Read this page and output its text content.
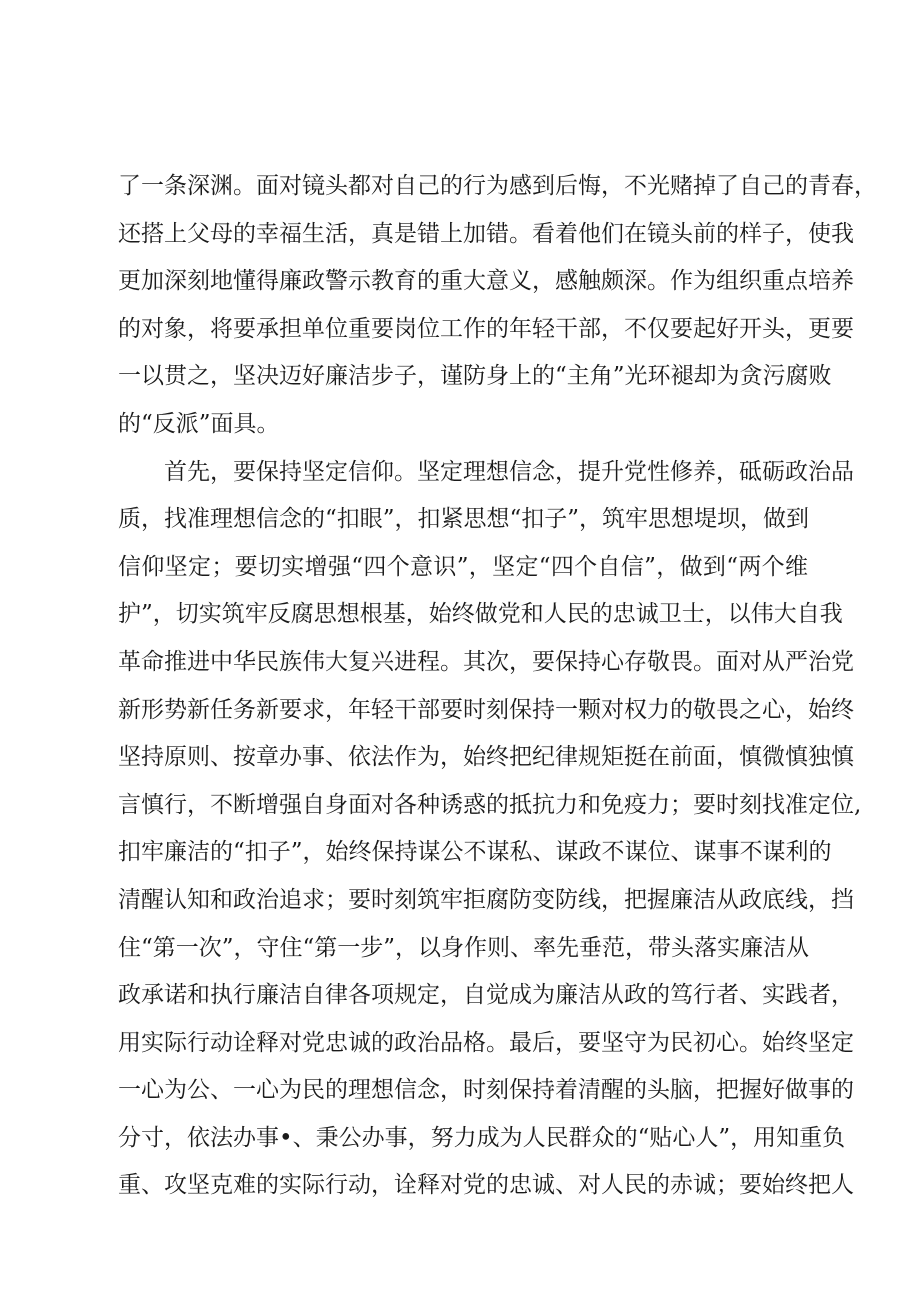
了一条深渊。面对镜头都对自己的行为感到后悔，不光赌掉了自己的青春，
还搭上父母的幸福生活，真是错上加错。看着他们在镜头前的样子，使我
更加深刻地懂得廉政警示教育的重大意义，感触颇深。作为组织重点培养
的对象，将要承担单位重要岗位工作的年轻干部，不仅要起好开头，更要
一以贯之，坚决迈好廉洁步子，谨防身上的“主角”光环褪却为贪污腐败
的“反派”面具。
首先，要保持坚定信仰。坚定理想信念，提升党性修养，砥砺政治品
质，找准理想信念的“扣眼”，扣紧思想“扣子”，筑牢思想堤坝，做到
信仰坚定；要切实增强“四个意识”，坚定“四个自信”，做到“两个维
护”，切实筑牢反腐思想根基，始终做党和人民的忠诚卫士，以伟大自我
革命推进中华民族伟大复兴进程。其次，要保持心存敬畏。面对从严治党
新形势新任务新要求，年轻干部要时刻保持一颗对权力的敬畏之心，始终
坚持原则、按章办事、依法作为，始终把纪律规矩挺在前面，慎微慎独慎
言慎行，不断增强自身面对各种诱惑的抵抗力和免疫力；要时刻找准定位,
扣牢廉洁的“扣子”，始终保持谋公不谋私、谋政不谋位、谋事不谋利的
清醒认知和政治追求；要时刻筑牢拒腐防变防线，把握廉洁从政底线，挡
住“第一次”，守住“第一步”，以身作则、率先垂范，带头落实廉洁从
政承诺和执行廉洁自律各项规定，自觉成为廉洁从政的笃行者、实践者，
用实际行动诠释对党忠诚的政治品格。最后，要坚守为民初心。始终坚定
一心为公、一心为民的理想信念，时刻保持着清醒的头脑，把握好做事的
分寸，依法办事•、秉公办事，努力成为人民群众的“贴心人”，用知重负
重、攻坚克难的实际行动，诠释对党的忠诚、对人民的赤诚；要始终把人
